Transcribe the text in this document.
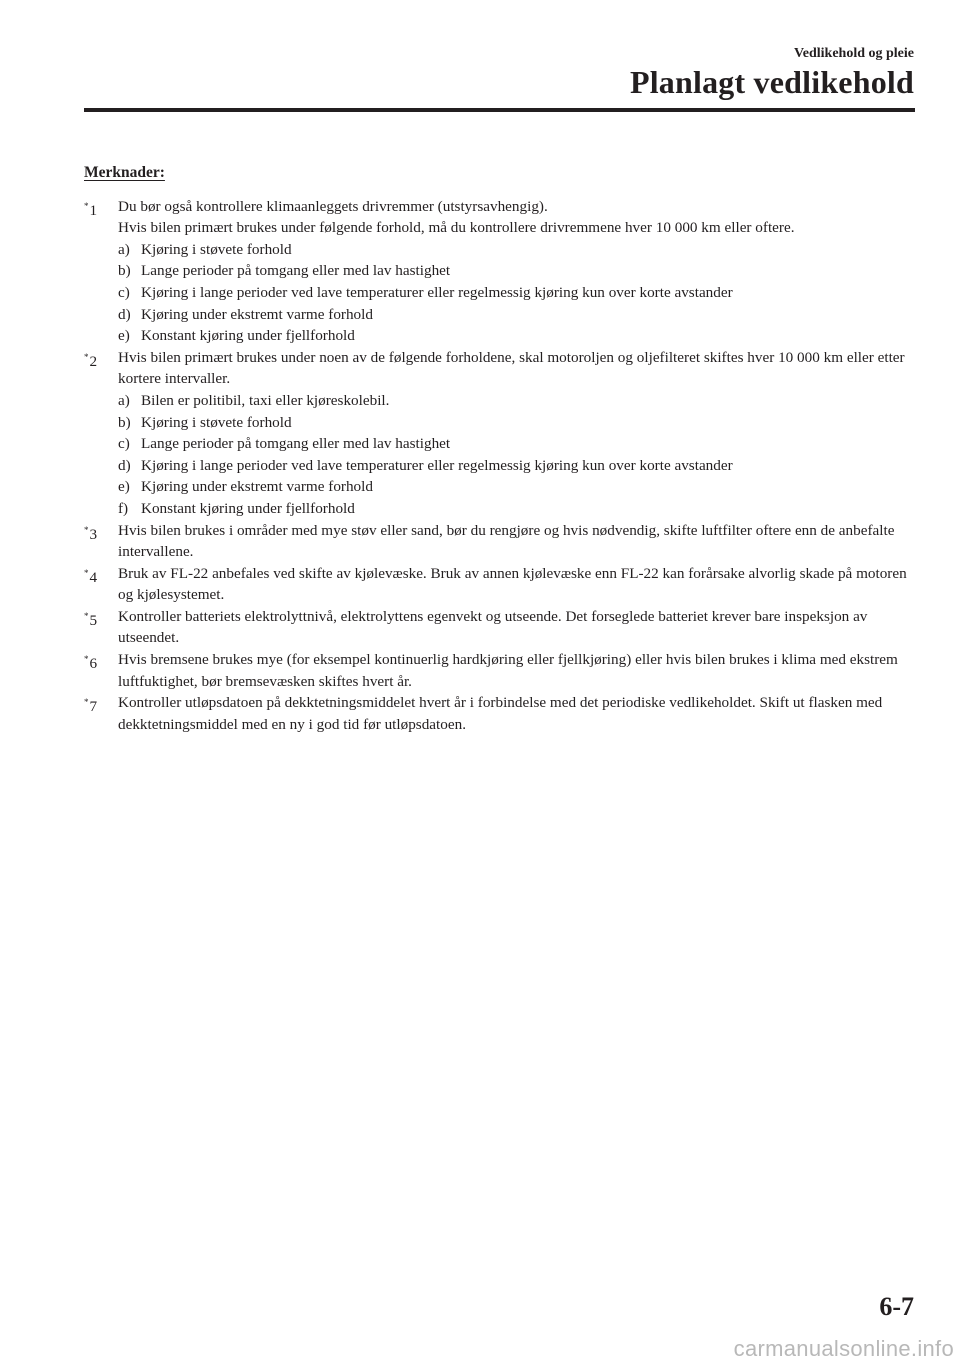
Vedlikehold og pleie
Planlagt vedlikehold
Merknader:
*1	Du bør også kontrollere klimaanleggets drivremmer (utstyrsavhengig).
Hvis bilen primært brukes under følgende forhold, må du kontrollere drivremmene hver 10 000 km eller oftere.
a) Kjøring i støvete forhold
b) Lange perioder på tomgang eller med lav hastighet
c) Kjøring i lange perioder ved lave temperaturer eller regelmessig kjøring kun over korte avstander
d) Kjøring under ekstremt varme forhold
e) Konstant kjøring under fjellforhold
*2	Hvis bilen primært brukes under noen av de følgende forholdene, skal motoroljen og oljefilteret skiftes hver 10 000 km eller etter kortere intervaller.
a) Bilen er politibil, taxi eller kjøreskolebil.
b) Kjøring i støvete forhold
c) Lange perioder på tomgang eller med lav hastighet
d) Kjøring i lange perioder ved lave temperaturer eller regelmessig kjøring kun over korte avstander
e) Kjøring under ekstremt varme forhold
f) Konstant kjøring under fjellforhold
*3	Hvis bilen brukes i områder med mye støv eller sand, bør du rengjøre og hvis nødvendig, skifte luftfilter oftere enn de anbefalte intervallene.
*4	Bruk av FL-22 anbefales ved skifte av kjølevæske. Bruk av annen kjølevæske enn FL-22 kan forårsake alvorlig skade på motoren og kjølesystemet.
*5	Kontroller batteriets elektrolyttnivå, elektrolyttens egenvekt og utseende. Det forseglede batteriet krever bare inspeksjon av utseendet.
*6	Hvis bremsene brukes mye (for eksempel kontinuerlig hardkjøring eller fjellkjøring) eller hvis bilen brukes i klima med ekstrem luftfuktighet, bør bremsevæsken skiftes hvert år.
*7	Kontroller utløpsdatoen på dekktetningsmiddelet hvert år i forbindelse med det periodiske vedlikeholdet. Skift ut flasken med dekktetningsmiddel med en ny i god tid før utløpsdatoen.
6-7
carmanualsonline.info
